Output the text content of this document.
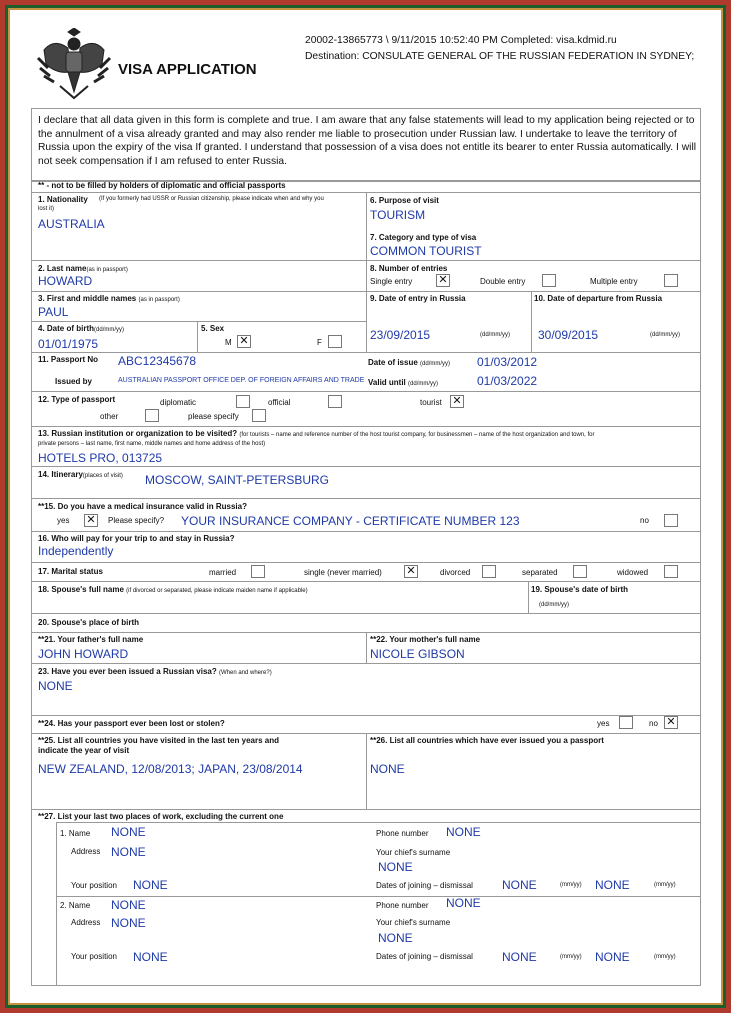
VISA APPLICATION
20002-13865773 \ 9/11/2015 10:52:40 PM Completed: visa.kdmid.ru
Destination: CONSULATE GENERAL OF THE RUSSIAN FEDERATION IN SYDNEY;
I declare that all data given in this form is complete and true. I am aware that any false statements will lead to my application being rejected or to the annulment of a visa already granted and may also render me liable to prosecution under Russian law. I undertake to leave the territory of Russia upon the expiry of the visa If granted. I understand that possession of a visa does not entitle its bearer to enter Russia automatically. I will not seek compensation if I am refused to enter Russia.
** - not to be filled by holders of diplomatic and official passports
1. Nationality (If you formerly had USSR or Russian citizenship, please indicate when and why you
lost it)
AUSTRALIA
6. Purpose of visit
TOURISM
7. Category and type of visa
COMMON TOURIST
2. Last name(as in passport)
HOWARD
8. Number of entries
Single entry ✕	Double entry	Multiple entry
3. First and middle names (as in passport)
PAUL
9. Date of entry in Russia
23/09/2015	(dd/mm/yy)
10. Date of departure from Russia
30/09/2015	(dd/mm/yy)
4. Date of birth(dd/mm/yy)
01/01/1975
5. Sex
M ✕	F
11. Passport No ABC12345678
Issued by	AUSTRALIAN PASSPORT OFFICE DEP. OF FOREIGN AFFAIRS AND TRADE
Date of issue (dd/mm/yy) 01/03/2012
Valid until (dd/mm/yy)	01/03/2022
12. Type of passport	diplomatic	official	tourist ✕
other	please specify
13. Russian institution or organization to be visited? (for tourists – name and reference number of the host tourist company, for businessmen – name of the host organization and town, for
private persons – last name, first name, middle names and home address of the host)
HOTELS PRO, 013725
14. Itinerary(places of visit) MOSCOW, SAINT-PETERSBURG
**15. Do you have a medical insurance valid in Russia?
yes ✕ Please specify? YOUR INSURANCE COMPANY - CERTIFICATE NUMBER 123	no
16. Who will pay for your trip to and stay in Russia?
Independently
17. Marital status	married	single (never married) ✕	divorced	separated	widowed
18. Spouse's full name (if divorced or separated, please indicate maiden name if applicable)	19. Spouse's date of birth
(dd/mm/yy)
20. Spouse's place of birth
**21. Your father's full name
JOHN HOWARD
**22. Your mother's full name
NICOLE GIBSON
23. Have you ever been issued a Russian visa? (When and where?)
NONE
**24. Has your passport ever been lost or stolen?	yes	no ✕
**25. List all countries you have visited in the last ten years and
indicate the year of visit
NEW ZEALAND, 12/08/2013; JAPAN, 23/08/2014
**26. List all countries which have ever issued you a passport
NONE
**27. List your last two places of work, excluding the current one
1. Name NONE
Address NONE
Your position NONE
Phone number NONE
Your chief's surname
NONE
Dates of joining – dismissal NONE	(mm/yy) NONE	(mm/yy)
2. Name NONE
Address NONE
Your position NONE
Phone number NONE
Your chief's surname
NONE
Dates of joining – dismissal NONE	(mm/yy) NONE	(mm/yy)
